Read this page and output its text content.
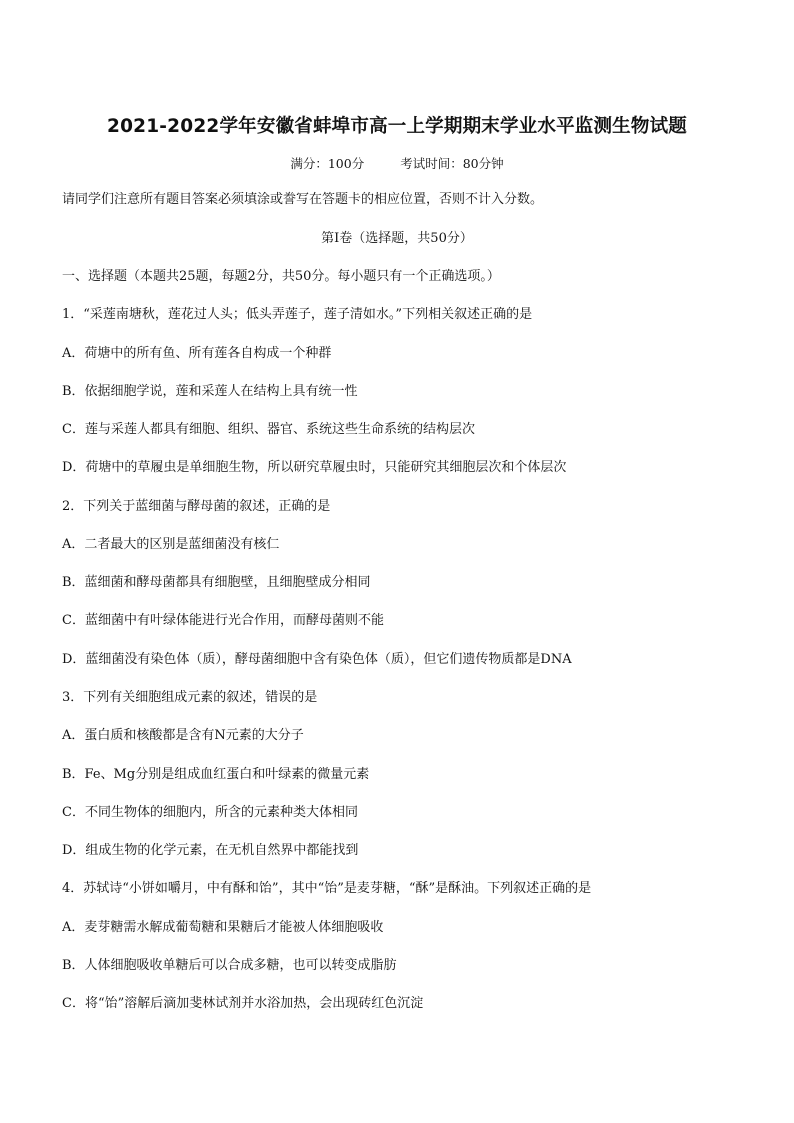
2021-2022学年安徽省蚌埠市高一上学期期末学业水平监测生物试题
满分：100分	考试时间：80分钟
请同学们注意所有题目答案必须填涂或誊写在答题卡的相应位置，否则不计入分数。
第Ⅰ卷（选择题，共50分）
一、选择题（本题共25题，每题2分，共50分。每小题只有一个正确选项。）
1．“采莲南塘秋，莲花过人头；低头弄莲子，莲子清如水。”下列相关叙述正确的是
A．荷塘中的所有鱼、所有莲各自构成一个种群
B．依据细胞学说，莲和采莲人在结构上具有统一性
C．莲与采莲人都具有细胞、组织、器官、系统这些生命系统的结构层次
D．荷塘中的草履虫是单细胞生物，所以研究草履虫时，只能研究其细胞层次和个体层次
2．下列关于蓝细菌与酵母菌的叙述，正确的是
A．二者最大的区别是蓝细菌没有核仁
B．蓝细菌和酵母菌都具有细胞壁，且细胞壁成分相同
C．蓝细菌中有叶绿体能进行光合作用，而酵母菌则不能
D．蓝细菌没有染色体（质），酵母菌细胞中含有染色体（质），但它们遗传物质都是DNA
3．下列有关细胞组成元素的叙述，错误的是
A．蛋白质和核酸都是含有N元素的大分子
B．Fe、Mg分别是组成血红蛋白和叶绿素的微量元素
C．不同生物体的细胞内，所含的元素种类大体相同
D．组成生物的化学元素，在无机自然界中都能找到
4．苏轼诗“小饼如嚼月，中有酥和饴”，其中“饴”是麦芽糖，“酥”是酥油。下列叙述正确的是
A．麦芽糖需水解成葡萄糖和果糖后才能被人体细胞吸收
B．人体细胞吸收单糖后可以合成多糖，也可以转变成脂肪
C．将“饴”溶解后滴加斐林试剂并水浴加热，会出现砖红色沉淀
